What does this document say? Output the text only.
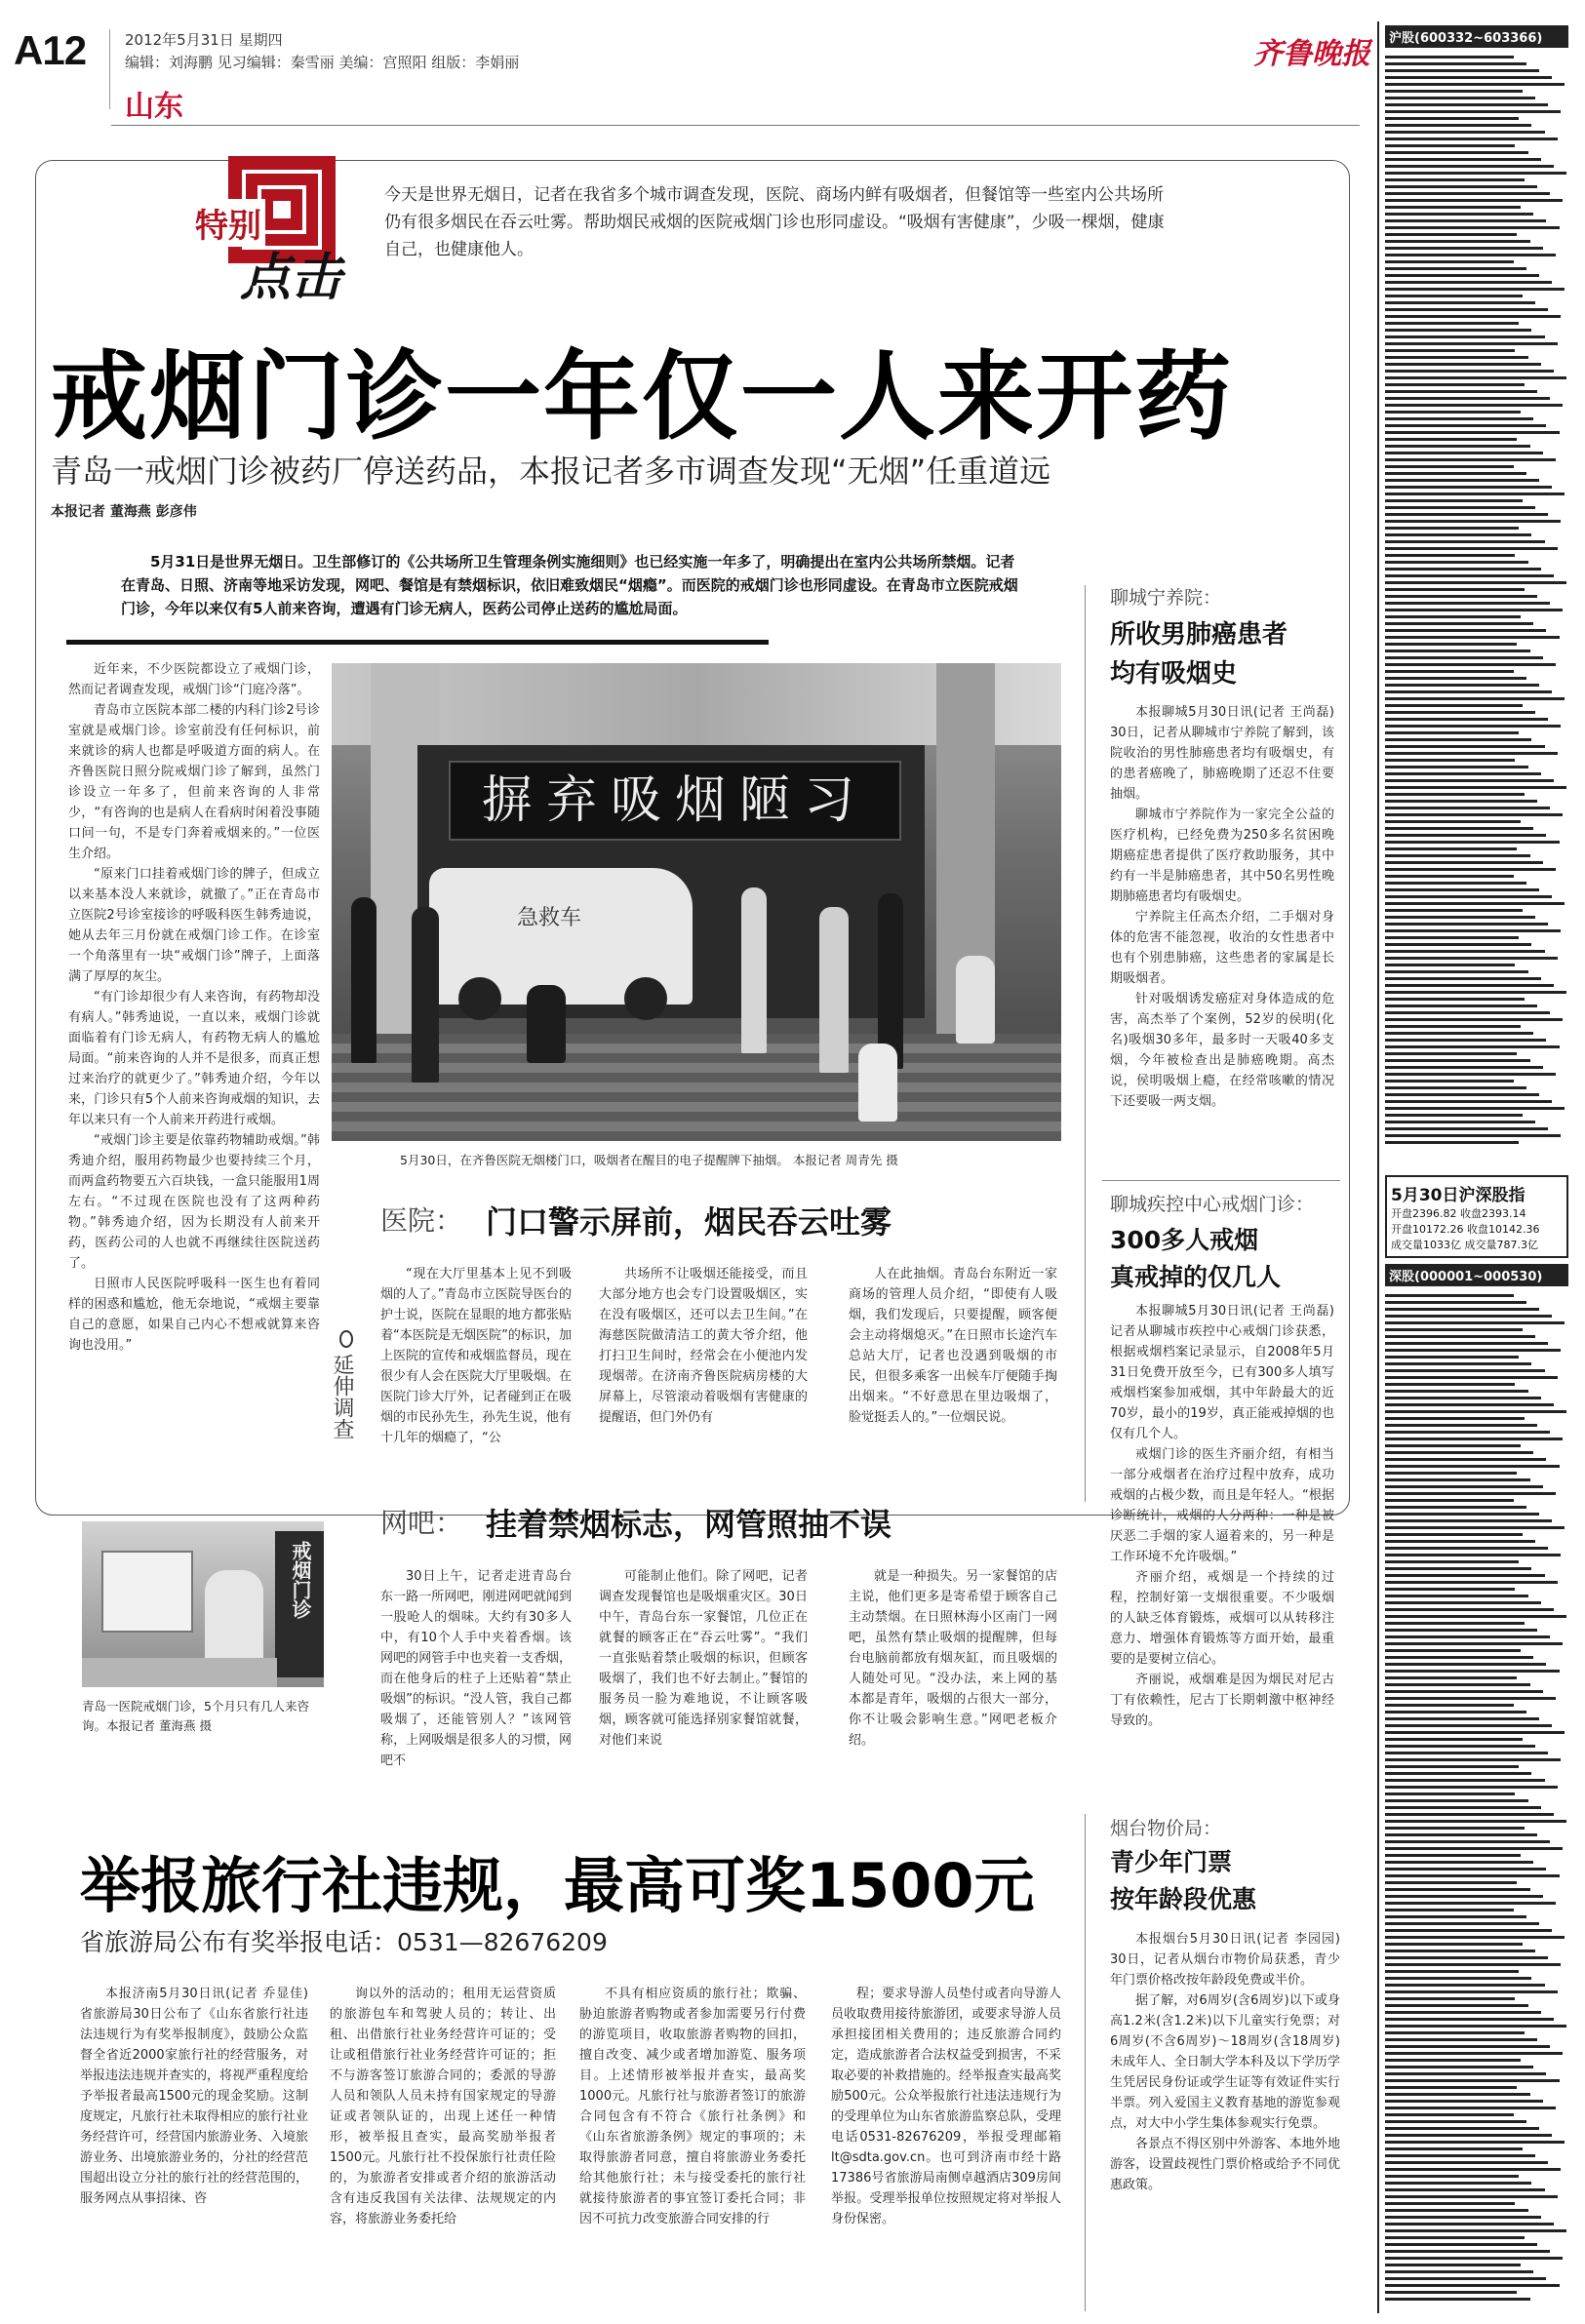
A12	2012年5月31日 星期四
编辑：刘海鹏 见习编辑：秦雪丽 美编：宫照阳 组版：李娟丽
山东
齐鲁晚报
特别
点击
今天是世界无烟日，记者在我省多个城市调查发现，医院、商场内鲜有吸烟者，但餐馆等一些室内公共场所仍有很多烟民在吞云吐雾。帮助烟民戒烟的医院戒烟门诊也形同虚设。“吸烟有害健康”，少吸一棵烟，健康自己，也健康他人。
戒烟门诊一年仅一人来开药
青岛一戒烟门诊被药厂停送药品，本报记者多市调查发现“无烟”任重道远
本报记者 董海燕 彭彦伟
5月31日是世界无烟日。卫生部修订的《公共场所卫生管理条例实施细则》也已经实施一年多了，明确提出在室内公共场所禁烟。记者在青岛、日照、济南等地采访发现，网吧、餐馆是有禁烟标识，依旧难致烟民“烟瘾”。而医院的戒烟门诊也形同虚设。在青岛市立医院戒烟门诊，今年以来仅有5人前来咨询，遭遇有门诊无病人，医药公司停止送药的尴尬局面。

近年来，不少医院都设立了戒烟门诊，然而记者调查发现，戒烟门诊“门庭冷落”。

青岛市立医院本部二楼的内科门诊2号诊室就是戒烟门诊。诊室前没有任何标识，前来就诊的病人也都是呼吸道方面的病人。在齐鲁医院日照分院戒烟门诊了解到，虽然门诊设立一年多了，但前来咨询的人非常少，“有咨询的也是病人在看病时闲着没事随口问一句，不是专门奔着戒烟来的。”一位医生介绍。

“原来门口挂着戒烟门诊的牌子，但成立以来基本没人来就诊，就撤了。”正在青岛市立医院2号诊室接诊的呼吸科医生韩秀迪说，她从去年三月份就在戒烟门诊工作。在诊室一个角落里有一块“戒烟门诊”牌子，上面落满了厚厚的灰尘。

“有门诊却很少有人来咨询，有药物却没有病人。”韩秀迪说，一直以来，戒烟门诊就面临着有门诊无病人，有药物无病人的尴尬局面。“前来咨询的人并不是很多，而真正想过来治疗的就更少了。”韩秀迪介绍，今年以来，门诊只有5个人前来咨询戒烟的知识，去年以来只有一个人前来开药进行戒烟。

“戒烟门诊主要是依靠药物辅助戒烟。”韩秀迪介绍，服用药物最少也要持续三个月，而两盒药物要五六百块钱，一盒只能服用1周左右。“不过现在医院也没有了这两种药物。”韩秀迪介绍，因为长期没有人前来开药，医药公司的人也就不再继续往医院送药了。

日照市人民医院呼吸科一医生也有着同样的困惑和尴尬，他无奈地说，“戒烟主要靠自己的意愿，如果自己内心不想戒就算来咨询也没用。”

摒弃吸烟陋习
急救车
5月30日，在齐鲁医院无烟楼门口，吸烟者在醒目的电子提醒牌下抽烟。 本报记者 周青先 摄
戒烟门诊
青岛一医院戒烟门诊，5个月只有几人来咨询。本报记者 董海燕 摄
延伸调查
医院： 门口警示屏前，烟民吞云吐雾
“现在大厅里基本上见不到吸烟的人了。”青岛市立医院导医台的护士说，医院在显眼的地方都张贴着“本医院是无烟医院”的标识，加上医院的宣传和戒烟监督员，现在很少有人会在医院大厅里吸烟。在医院门诊大厅外，记者碰到正在吸烟的市民孙先生，孙先生说，他有十几年的烟瘾了，“公
共场所不让吸烟还能接受，而且大部分地方也会专门设置吸烟区，实在没有吸烟区，还可以去卫生间。”在海慈医院做清洁工的黄大爷介绍，他打扫卫生间时，经常会在小便池内发现烟蒂。在济南齐鲁医院病房楼的大屏幕上，尽管滚动着吸烟有害健康的提醒语，但门外仍有
人在此抽烟。青岛台东附近一家商场的管理人员介绍，“即使有人吸烟，我们发现后，只要提醒，顾客便会主动将烟熄灭。”在日照市长途汽车总站大厅，记者也没遇到吸烟的市民，但很多乘客一出候车厅便随手掏出烟来。“不好意思在里边吸烟了，脸觉挺丢人的。”一位烟民说。
网吧： 挂着禁烟标志，网管照抽不误
30日上午，记者走进青岛台东一路一所网吧，刚进网吧就闻到一股呛人的烟味。大约有30多人中，有10个人手中夹着香烟。该网吧的网管手中也夹着一支香烟，而在他身后的柱子上还贴着“禁止吸烟”的标识。“没人管，我自己都吸烟了，还能管别人？”该网管称，上网吸烟是很多人的习惯，网吧不
可能制止他们。除了网吧，记者调查发现餐馆也是吸烟重灾区。30日中午，青岛台东一家餐馆，几位正在就餐的顾客正在“吞云吐雾”。“我们一直张贴着禁止吸烟的标识，但顾客吸烟了，我们也不好去制止。”餐馆的服务员一脸为难地说，不让顾客吸烟，顾客就可能选择别家餐馆就餐，对他们来说
就是一种损失。另一家餐馆的店主说，他们更多是寄希望于顾客自己主动禁烟。在日照林海小区南门一网吧，虽然有禁止吸烟的提醒牌，但每台电脑前都放有烟灰缸，而且吸烟的人随处可见。“没办法，来上网的基本都是青年，吸烟的占很大一部分，你不让吸会影响生意。”网吧老板介绍。
聊城宁养院：
所收男肺癌患者
均有吸烟史

本报聊城5月30日讯(记者 王尚磊) 30日，记者从聊城市宁养院了解到，该院收治的男性肺癌患者均有吸烟史，有的患者癌晚了，肺癌晚期了还忍不住要抽烟。

聊城市宁养院作为一家完全公益的医疗机构，已经免费为250多名贫困晚期癌症患者提供了医疗救助服务，其中约有一半是肺癌患者，其中50名男性晚期肺癌患者均有吸烟史。

宁养院主任高杰介绍，二手烟对身体的危害不能忽视，收治的女性患者中也有个别患肺癌，这些患者的家属是长期吸烟者。

针对吸烟诱发癌症对身体造成的危害，高杰举了个案例，52岁的侯明(化名)吸烟30多年，最多时一天吸40多支烟，今年被检查出是肺癌晚期。高杰说，侯明吸烟上瘾，在经常咳嗽的情况下还要吸一两支烟。

聊城疾控中心戒烟门诊：
300多人戒烟
真戒掉的仅几人

本报聊城5月30日讯(记者 王尚磊) 记者从聊城市疾控中心戒烟门诊获悉，根据戒烟档案记录显示，自2008年5月31日免费开放至今，已有300多人填写戒烟档案参加戒烟，其中年龄最大的近70岁，最小的19岁，真正能戒掉烟的也仅有几个人。

戒烟门诊的医生齐丽介绍，有相当一部分戒烟者在治疗过程中放弃，成功戒烟的占极少数，而且是年轻人。“根据诊断统计，戒烟的人分两种：一种是被厌恶二手烟的家人逼着来的，另一种是工作环境不允许吸烟。”

齐丽介绍，戒烟是一个持续的过程，控制好第一支烟很重要。不少吸烟的人缺乏体育锻炼，戒烟可以从转移注意力、增强体育锻炼等方面开始，最重要的是要树立信心。

齐丽说，戒烟难是因为烟民对尼古丁有依赖性，尼古丁长期刺激中枢神经导致的。

举报旅行社违规，最高可奖1500元
省旅游局公布有奖举报电话：0531—82676209
本报济南5月30日讯(记者 乔显佳) 省旅游局30日公布了《山东省旅行社违法违规行为有奖举报制度》，鼓励公众监督全省近2000家旅行社的经营服务，对举报违法违规并查实的，将视严重程度给予举报者最高1500元的现金奖励。这制度规定，凡旅行社未取得相应的旅行社业务经营许可，经营国内旅游业务、入境旅游业务、出境旅游业务的，分社的经营范围超出设立分社的旅行社的经营范围的，服务网点从事招徕、咨
询以外的活动的；租用无运营资质的旅游包车和驾驶人员的；转让、出租、出借旅行社业务经营许可证的；受让或租借旅行社业务经营许可证的；拒不与游客签订旅游合同的；委派的导游人员和领队人员未持有国家规定的导游证或者领队证的，出现上述任一种情形，被举报且查实，最高奖励举报者1500元。凡旅行社不投保旅行社责任险的，为旅游者安排或者介绍的旅游活动含有违反我国有关法律、法规规定的内容，将旅游业务委托给
不具有相应资质的旅行社；欺骗、胁迫旅游者购物或者参加需要另行付费的游览项目，收取旅游者购物的回扣，擅自改变、减少或者增加游览、服务项目。上述情形被举报并查实，最高奖1000元。凡旅行社与旅游者签订的旅游合同包含有不符合《旅行社条例》和《山东省旅游条例》规定的事项的；未取得旅游者同意，擅自将旅游业务委托给其他旅行社；未与接受委托的旅行社就接待旅游者的事宜签订委托合同；非因不可抗力改变旅游合同安排的行
程；要求导游人员垫付或者向导游人员收取费用接待旅游团，或要求导游人员承担接团相关费用的；违反旅游合同约定，造成旅游者合法权益受到损害，不采取必要的补救措施的。经举报查实最高奖励500元。公众举报旅行社违法违规行为的受理单位为山东省旅游监察总队，受理电话0531-82676209，举报受理邮箱lt@sdta.gov.cn。也可到济南市经十路17386号省旅游局南侧卓越酒店309房间举报。受理举报单位按照规定将对举报人身份保密。
烟台物价局：
青少年门票
按年龄段优惠

本报烟台5月30日讯(记者 李园园) 30日，记者从烟台市物价局获悉，青少年门票价格改按年龄段免费或半价。

据了解，对6周岁(含6周岁)以下或身高1.2米(含1.2米)以下儿童实行免票；对6周岁(不含6周岁)～18周岁(含18周岁)未成年人、全日制大学本科及以下学历学生凭居民身份证或学生证等有效证件实行半票。列入爱国主义教育基地的游览参观点，对大中小学生集体参观实行免票。

各景点不得区别中外游客、本地外地游客，设置歧视性门票价格或给予不同优惠政策。

沪股(600332~603366)
5月30日沪深股指
开盘2396.82 收盘2393.14
开盘10172.26 收盘10142.36
成交量1033亿 成交量787.3亿
深股(000001~000530)
